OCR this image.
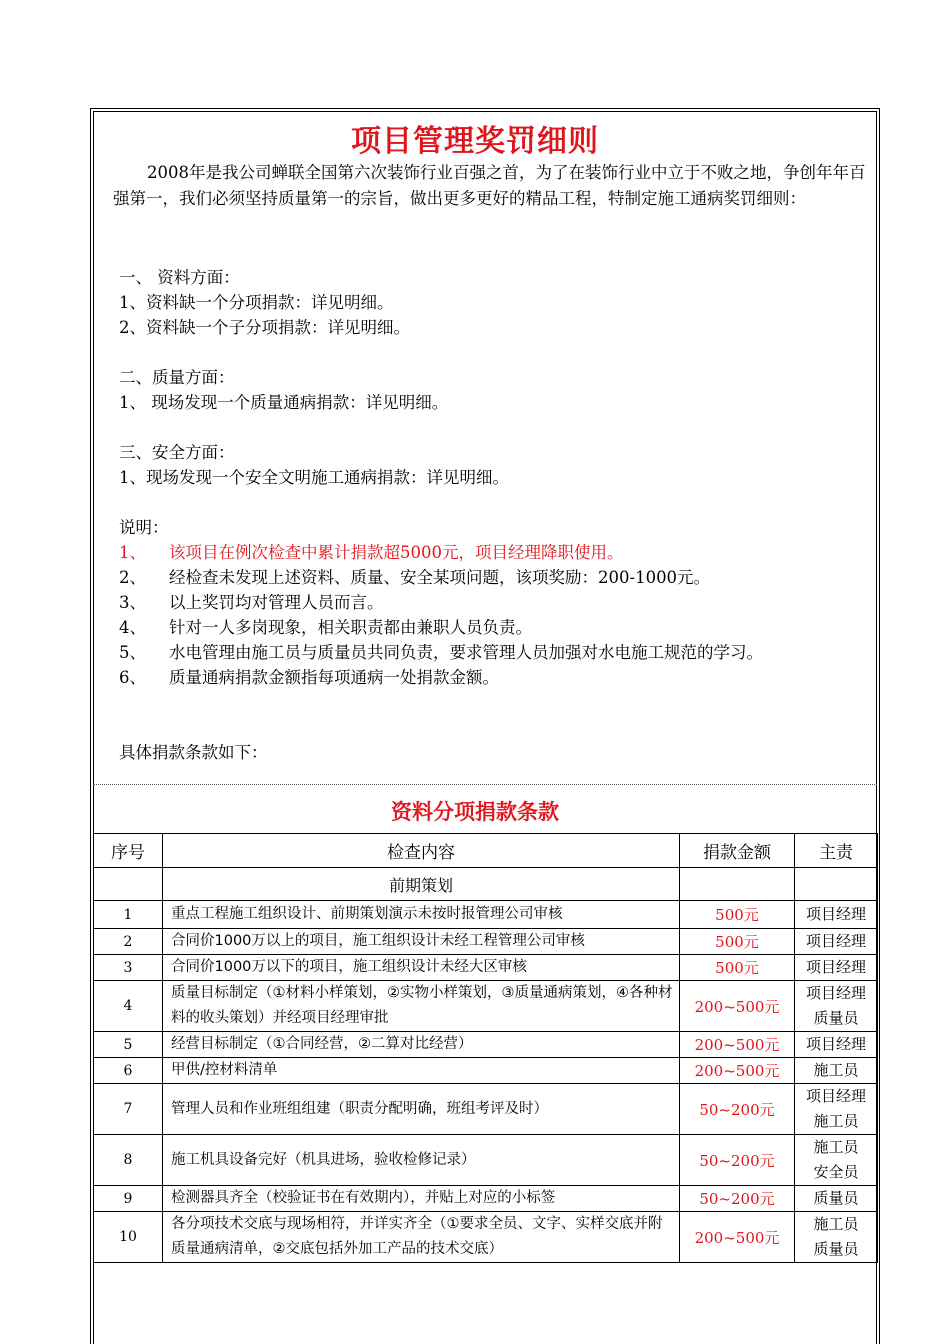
项目管理奖罚细则
2008年是我公司蝉联全国第六次装饰行业百强之首，为了在装饰行业中立于不败之地，争创年年百强第一，我们必须坚持质量第一的宗旨，做出更多更好的精品工程，特制定施工通病奖罚细则：
一、 资料方面：
1、资料缺一个分项捐款：详见明细。
2、资料缺一个子分项捐款：详见明细。
二、质量方面：
1、 现场发现一个质量通病捐款：详见明细。
三、安全方面：
1、现场发现一个安全文明施工通病捐款：详见明细。
说明：
1、 该项目在例次检查中累计捐款超5000元，项目经理降职使用。
2、 经检查未发现上述资料、质量、安全某项问题，该项奖励：200-1000元。
3、 以上奖罚均对管理人员而言。
4、 针对一人多岗现象，相关职责都由兼职人员负责。
5、 水电管理由施工员与质量员共同负责，要求管理人员加强对水电施工规范的学习。
6、 质量通病捐款金额指每项通病一处捐款金额。
具体捐款条款如下：
资料分项捐款条款
序号	检查内容	捐款金额	主责
	前期策划		
1	重点工程施工组织设计、前期策划演示未按时报管理公司审核	500元	项目经理
2	合同价1000万以上的项目，施工组织设计未经工程管理公司审核	500元	项目经理
3	合同价1000万以下的项目，施工组织设计未经大区审核	500元	项目经理
4	质量目标制定（①材料小样策划，②实物小样策划，③质量通病策划，④各种材料的收头策划）并经项目经理审批	200~500元	项目经理
质量员
5	经营目标制定（①合同经营，②二算对比经营）	200~500元	项目经理
6	甲供/控材料清单	200~500元	施工员
7	管理人员和作业班组组建（职责分配明确，班组考评及时）	50~200元	项目经理
施工员
8	施工机具设备完好（机具进场，验收检修记录）	50~200元	施工员
安全员
9	检测器具齐全（校验证书在有效期内），并贴上对应的小标签	50~200元	质量员
10	各分项技术交底与现场相符，并详实齐全（①要求全员、文字、实样交底并附质量通病清单，②交底包括外加工产品的技术交底）	200~500元	施工员
质量员
